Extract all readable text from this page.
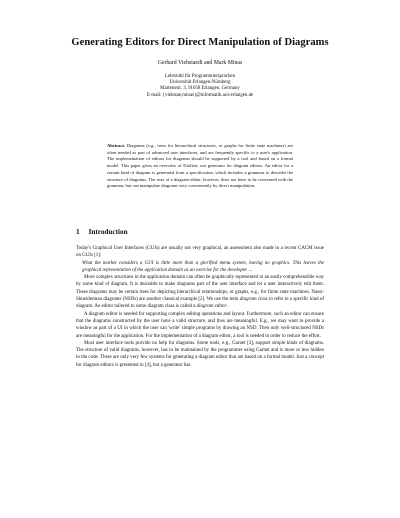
Generating Editors for Direct Manipulation of Diagrams
Gerhard Viehstaedt and Mark Minas
Lehrstuhl für Programmiersprachen
Universität Erlangen-Nürnberg
Martensstr. 3, 91058 Erlangen, Germany
E-mail: {viehstae,minas}@informatik.uni-erlangen.de
Abstract. Diagrams (e.g., trees for hierarchical structures, or graphs for finite state machines) are often needed as part of advanced user interfaces, and are frequently specific to a user's application. The implementation of editors for diagrams should be supported by a tool and based on a formal model. This paper gives an overview of DiaGen, our generator for diagram editors. An editor for a certain kind of diagram is generated from a specification, which includes a grammar to describe the structure of diagrams. The user of a diagram editor, however, does not have to be concerned with the grammar, but can manipulate diagrams very conveniently by direct manipulation.
1 Introduction

Today's Graphical User Interfaces (GUIs) are usually not very graphical, an assessment also made in a recent CACM issue on GUIs [1]:

What the market considers a GUI is little more than a glorified menu system, having no graphics. This leaves the graphical representation of the application domain as an exercise for the developer. ...

More complex structures in the application domain can often be graphically represented in an easily comprehensible way by some kind of diagram. It is desirable to make diagrams part of the user interface and let a user interactively edit them. These diagrams may be certain trees for depicting hierarchical relationships, or graphs, e.g., for finite state machines. Nassi-Shneiderman diagrams (NSDs) are another classical example [2]. We use the term diagram class to refer to a specific kind of diagram. An editor tailored to some diagram class is called a diagram editor.

A diagram editor is needed for supporting complex editing operations and layout. Furthermore, such an editor can ensure that the diagrams constructed by the user have a valid structure, and thus are meaningful. E.g., we may want to provide a window as part of a UI in which the user can 'write' simple programs by drawing an NSD. Then only well-structured NSDs are meaningful for the application. For the implementation of a diagram editor, a tool is needed in order to reduce the effort.

Most user interface tools provide no help for diagrams. Some tools, e.g., Garnet [3], support simple kinds of diagrams. The structure of valid diagrams, however, has to be maintained by the programmer using Garnet and is more or less hidden in the code. There are only very few systems for generating a diagram editor that are based on a formal model. Just a concept for diagram editors is presented in [4], but a generator has
